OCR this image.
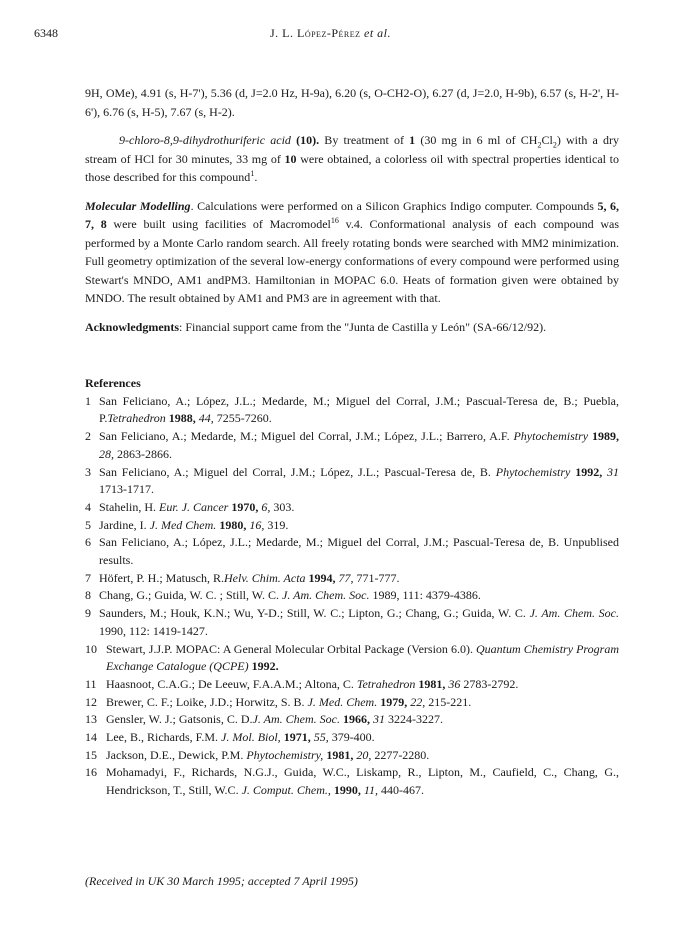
6348	J. L. López-Pérez et al.

9H, OMe), 4.91 (s, H-7'), 5.36 (d, J=2.0 Hz, H-9a), 6.20 (s, O-CH2-O), 6.27 (d, J=2.0, H-9b), 6.57 (s, H-2', H-6'), 6.76 (s, H-5), 7.67 (s, H-2).

9-chloro-8,9-dihydrothuriferic acid (10). By treatment of 1 (30 mg in 6 ml of $CH_2Cl_2$) with a dry stream of HCl for 30 minutes, 33 mg of 10 were obtained, a colorless oil with spectral properties identical to those described for this compound$^1$.

Molecular Modelling. Calculations were performed on a Silicon Graphics Indigo computer. Compounds 5, 6, 7, 8 were built using facilities of Macromodel$^{16}$ v.4. Conformational analysis of each compound was performed by a Monte Carlo random search. All freely rotating bonds were searched with MM2 minimization. Full geometry optimization of the several low-energy conformations of every compound were performed using Stewart's MNDO, AM1 andPM3. Hamiltonian in MOPAC 6.0. Heats of formation given were obtained by MNDO. The result obtained by AM1 and PM3 are in agreement with that.

Acknowledgments: Financial support came from the "Junta de Castilla y León" (SA-66/12/92).

References
1 San Feliciano, A.; López, J.L.; Medarde, M.; Miguel del Corral, J.M.; Pascual-Teresa de, B.; Puebla, P.Tetrahedron 1988, 44, 7255-7260.
2 San Feliciano, A.; Medarde, M.; Miguel del Corral, J.M.; López, J.L.; Barrero, A.F. Phytochemistry 1989, 28, 2863-2866.
3 San Feliciano, A.; Miguel del Corral, J.M.; López, J.L.; Pascual-Teresa de, B. Phytochemistry 1992, 31 1713-1717.
4 Stahelin, H. Eur. J. Cancer 1970, 6, 303.
5 Jardine, I. J. Med Chem. 1980, 16, 319.
6 San Feliciano, A.; López, J.L.; Medarde, M.; Miguel del Corral, J.M.; Pascual-Teresa de, B. Unpublised results.
7 Höfert, P. H.; Matusch, R.Helv. Chim. Acta 1994, 77, 771-777.
8 Chang, G.; Guida, W. C. ; Still, W. C. J. Am. Chem. Soc. 1989, 111: 4379-4386.
9 Saunders, M.; Houk, K.N.; Wu, Y-D.; Still, W. C.; Lipton, G.; Chang, G.; Guida, W. C. J. Am. Chem. Soc. 1990, 112: 1419-1427.
10 Stewart, J.J.P. MOPAC: A General Molecular Orbital Package (Version 6.0). Quantum Chemistry Program Exchange Catalogue (QCPE) 1992.
11 Haasnoot, C.A.G.; De Leeuw, F.A.A.M.; Altona, C. Tetrahedron 1981, 36 2783-2792.
12 Brewer, C. F.; Loike, J.D.; Horwitz, S. B. J. Med. Chem. 1979, 22, 215-221.
13 Gensler, W. J.; Gatsonis, C. D.J. Am. Chem. Soc. 1966, 31 3224-3227.
14 Lee, B., Richards, F.M. J. Mol. Biol, 1971, 55, 379-400.
15 Jackson, D.E., Dewick, P.M. Phytochemistry, 1981, 20, 2277-2280.
16 Mohamadyi, F., Richards, N.G.J., Guida, W.C., Liskamp, R., Lipton, M., Caufield, C., Chang, G., Hendrickson, T., Still, W.C. J. Comput. Chem., 1990, 11, 440-467.
(Received in UK 30 March 1995; accepted 7 April 1995)
